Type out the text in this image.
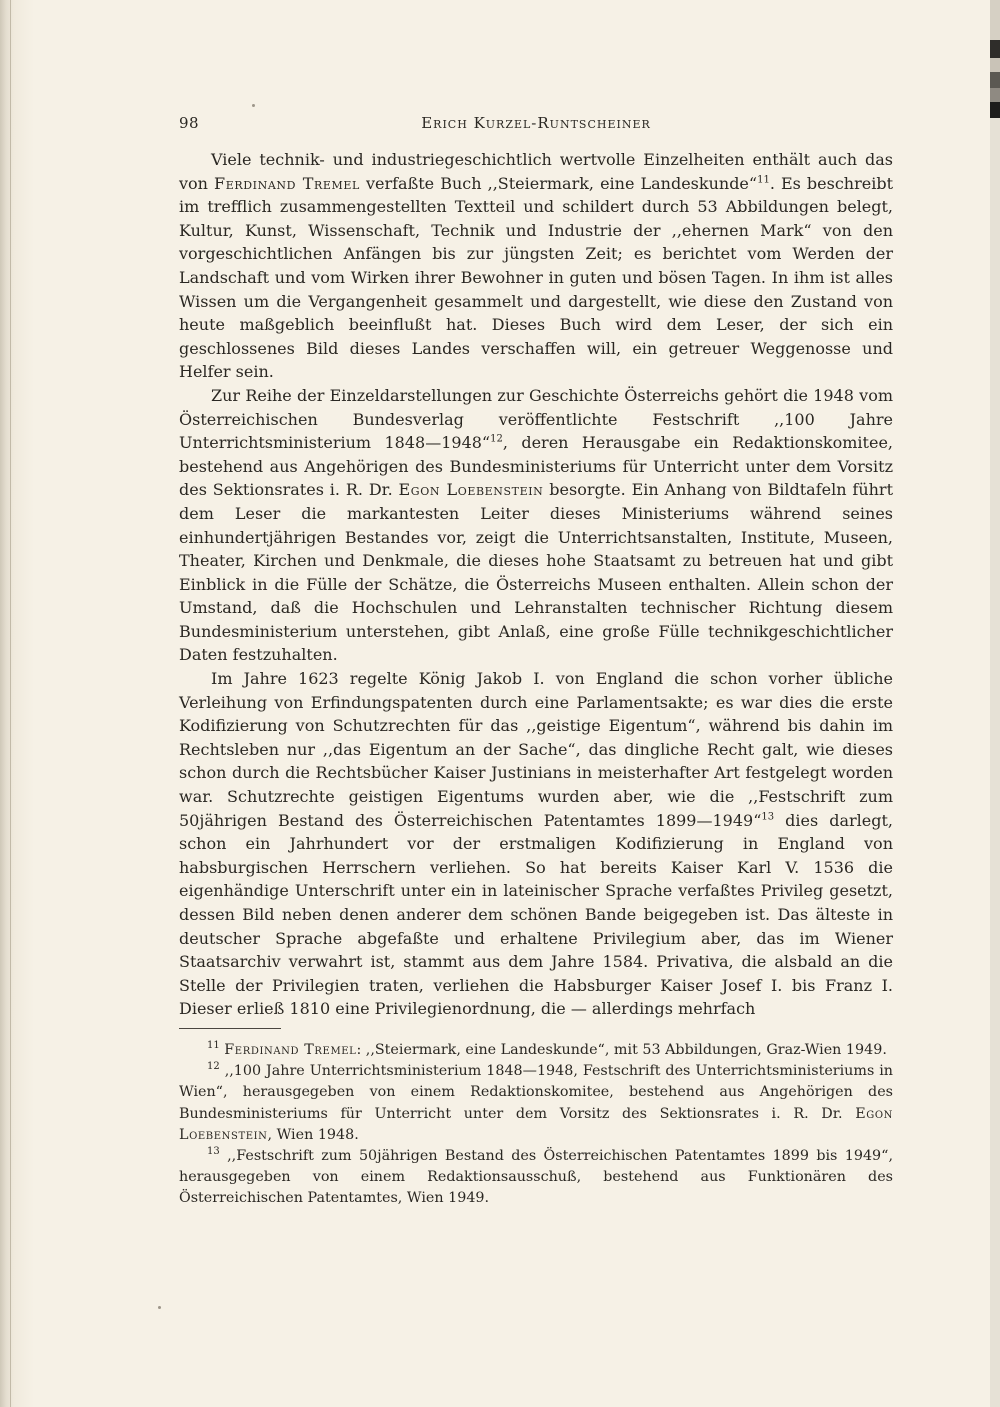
98	Erich Kurzel-Runtscheiner

Viele technik- und industriegeschichtlich wertvolle Einzelheiten enthält auch das von Ferdinand Tremel verfaßte Buch ,,Steiermark, eine Landeskunde“$^{11}$. Es beschreibt im trefflich zusammengestellten Textteil und schildert durch 53 Abbildungen belegt, Kultur, Kunst, Wissenschaft, Technik und Industrie der ,,ehernen Mark“ von den vorgeschichtlichen Anfängen bis zur jüngsten Zeit; es berichtet vom Werden der Landschaft und vom Wirken ihrer Bewohner in guten und bösen Tagen. In ihm ist alles Wissen um die Vergangenheit gesammelt und dargestellt, wie diese den Zustand von heute maßgeblich beeinflußt hat. Dieses Buch wird dem Leser, der sich ein geschlossenes Bild dieses Landes verschaffen will, ein getreuer Weggenosse und Helfer sein.

Zur Reihe der Einzeldarstellungen zur Geschichte Österreichs gehört die 1948 vom Österreichischen Bundesverlag veröffentlichte Festschrift ,,100 Jahre Unterrichtsministerium 1848—1948“$^{12}$, deren Herausgabe ein Redaktionskomitee, bestehend aus Angehörigen des Bundesministeriums für Unterricht unter dem Vorsitz des Sektionsrates i. R. Dr. Egon Loebenstein besorgte. Ein Anhang von Bildtafeln führt dem Leser die markantesten Leiter dieses Ministeriums während seines einhundertjährigen Bestandes vor, zeigt die Unterrichtsanstalten, Institute, Museen, Theater, Kirchen und Denkmale, die dieses hohe Staatsamt zu betreuen hat und gibt Einblick in die Fülle der Schätze, die Österreichs Museen enthalten. Allein schon der Umstand, daß die Hochschulen und Lehranstalten technischer Richtung diesem Bundesministerium unterstehen, gibt Anlaß, eine große Fülle technikgeschichtlicher Daten festzuhalten.

Im Jahre 1623 regelte König Jakob I. von England die schon vorher übliche Verleihung von Erfindungspatenten durch eine Parlamentsakte; es war dies die erste Kodifizierung von Schutzrechten für das ,,geistige Eigentum“, während bis dahin im Rechtsleben nur ,,das Eigentum an der Sache“, das dingliche Recht galt, wie dieses schon durch die Rechtsbücher Kaiser Justinians in meisterhafter Art festgelegt worden war. Schutzrechte geistigen Eigentums wurden aber, wie die ,,Festschrift zum 50jährigen Bestand des Österreichischen Patentamtes 1899—1949“$^{13}$ dies darlegt, schon ein Jahrhundert vor der erstmaligen Kodifizierung in England von habsburgischen Herrschern verliehen. So hat bereits Kaiser Karl V. 1536 die eigenhändige Unterschrift unter ein in lateinischer Sprache verfaßtes Privileg gesetzt, dessen Bild neben denen anderer dem schönen Bande beigegeben ist. Das älteste in deutscher Sprache abgefaßte und erhaltene Privilegium aber, das im Wiener Staatsarchiv verwahrt ist, stammt aus dem Jahre 1584. Privativa, die alsbald an die Stelle der Privilegien traten, verliehen die Habsburger Kaiser Josef I. bis Franz I. Dieser erließ 1810 eine Privilegienordnung, die — allerdings mehrfach

$^{11}$ Ferdinand Tremel: ,,Steiermark, eine Landeskunde“, mit 53 Abbildungen, Graz-Wien 1949.

$^{12}$ ,,100 Jahre Unterrichtsministerium 1848—1948, Festschrift des Unterrichtsministeriums in Wien“, herausgegeben von einem Redaktionskomitee, bestehend aus Angehörigen des Bundesministeriums für Unterricht unter dem Vorsitz des Sektionsrates i. R. Dr. Egon Loebenstein, Wien 1948.

$^{13}$ ,,Festschrift zum 50jährigen Bestand des Österreichischen Patentamtes 1899 bis 1949“, herausgegeben von einem Redaktionsausschuß, bestehend aus Funktionären des Österreichischen Patentamtes, Wien 1949.
